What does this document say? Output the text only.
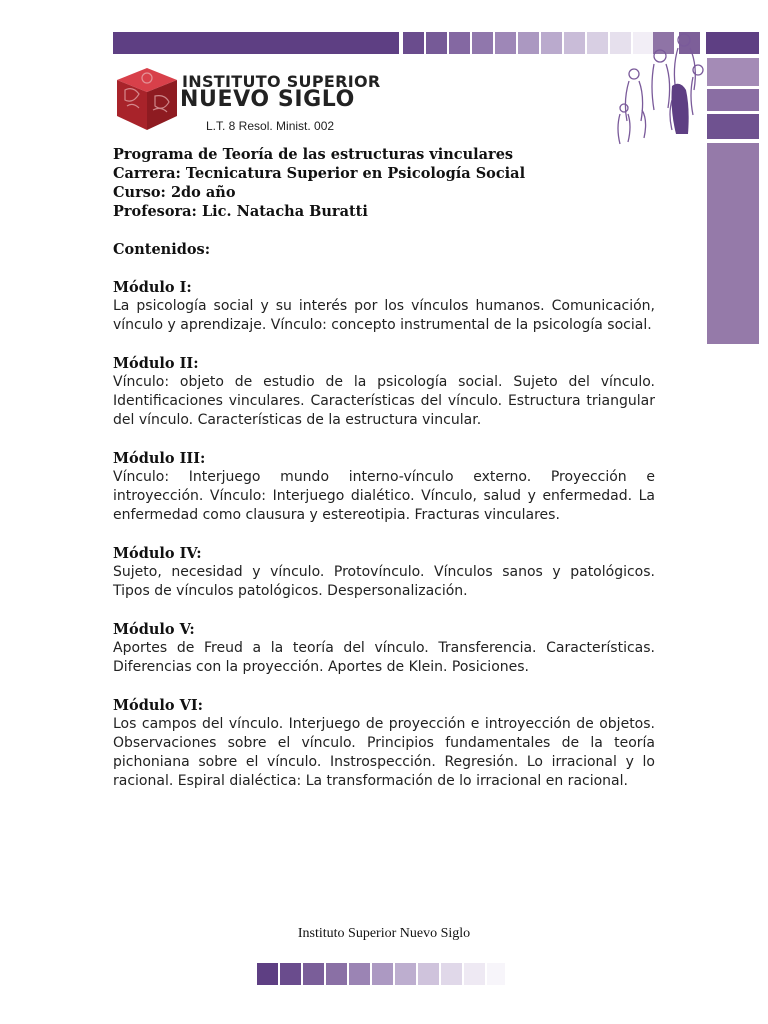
INSTITUTO SUPERIOR
NUEVO SIGLO
L.T. 8 Resol. Minist. 002

Programa de Teoría de las estructuras vinculares

Carrera: Tecnicatura Superior en Psicología Social

Curso: 2do año

Profesora: Lic. Natacha Buratti

Contenidos:

Módulo I:

La psicología social y su interés por los vínculos humanos. Comunicación, vínculo y aprendizaje. Vínculo: concepto instrumental de la psicología social.

Módulo II:

Vínculo: objeto de estudio de la psicología social. Sujeto del vínculo. Identificaciones vinculares. Características del vínculo. Estructura triangular del vínculo. Características de la estructura vincular.

Módulo III:

Vínculo: Interjuego mundo interno-vínculo externo. Proyección e introyección. Vínculo: Interjuego dialético. Vínculo, salud y enfermedad. La enfermedad como clausura y estereotipia. Fracturas vinculares.

Módulo IV:

Sujeto, necesidad y vínculo. Protovínculo. Vínculos sanos y patológicos. Tipos de vínculos patológicos. Despersonalización.

Módulo V:

Aportes de Freud a la teoría del vínculo. Transferencia. Características. Diferencias con la proyección. Aportes de Klein. Posiciones.

Módulo VI:

Los campos del vínculo. Interjuego de proyección e introyección de objetos. Observaciones sobre el vínculo. Principios fundamentales de la teoría pichoniana sobre el vínculo. Instrospección. Regresión. Lo irracional y lo racional. Espiral dialéctica: La transformación de lo irracional en racional.

Instituto Superior Nuevo Siglo
